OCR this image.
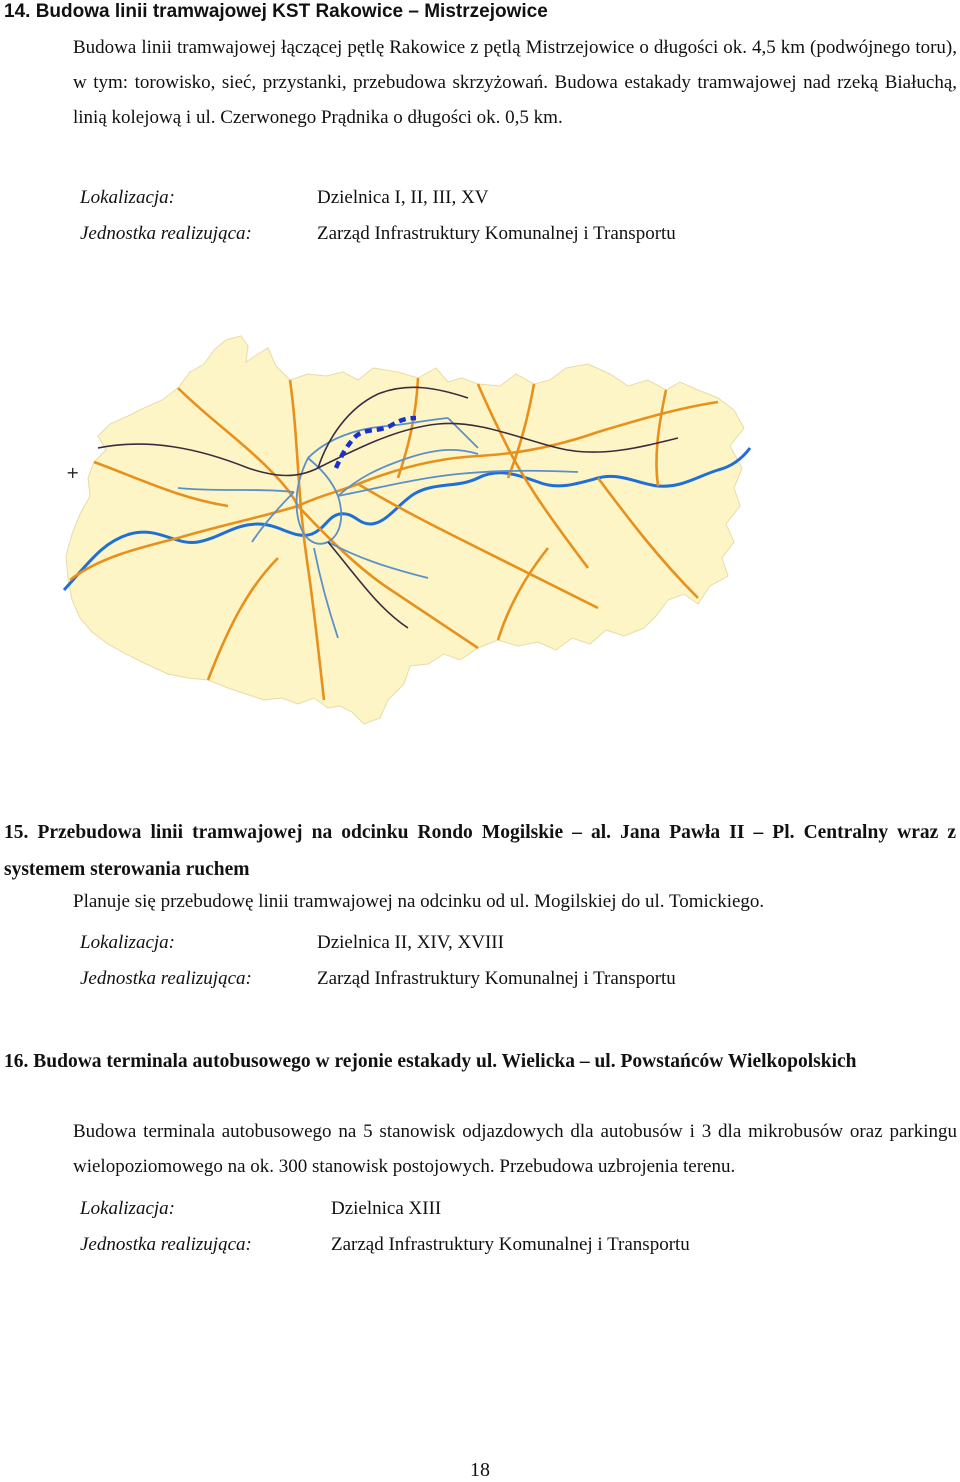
14. Budowa linii tramwajowej KST Rakowice – Mistrzejowice
Budowa linii tramwajowej łączącej pętlę Rakowice z pętlą Mistrzejowice o długości ok. 4,5 km (podwójnego toru), w tym: torowisko, sieć, przystanki, przebudowa skrzyżowań. Budowa estakady tramwajowej nad rzeką Białuchą, linią kolejową i ul. Czerwonego Prądnika o długości ok. 0,5 km.
Lokalizacja:	Dzielnica I, II, III, XV
Jednostka realizująca:	Zarząd Infrastruktury Komunalnej i Transportu
+
15. Przebudowa linii tramwajowej na odcinku Rondo Mogilskie – al. Jana Pawła II – Pl. Centralny wraz z systemem sterowania ruchem
Planuje się przebudowę linii tramwajowej na odcinku od ul. Mogilskiej do ul. Tomickiego.
Lokalizacja:	Dzielnica II, XIV, XVIII
Jednostka realizująca:	Zarząd Infrastruktury Komunalnej i Transportu
16. Budowa terminala autobusowego w rejonie estakady ul. Wielicka – ul. Powstańców Wielkopolskich
Budowa terminala autobusowego na 5 stanowisk odjazdowych dla autobusów i 3 dla mikrobusów oraz parkingu wielopoziomowego na ok. 300 stanowisk postojowych. Przebudowa uzbrojenia terenu.
Lokalizacja:	Dzielnica XIII
Jednostka realizująca:	Zarząd Infrastruktury Komunalnej i Transportu
18
